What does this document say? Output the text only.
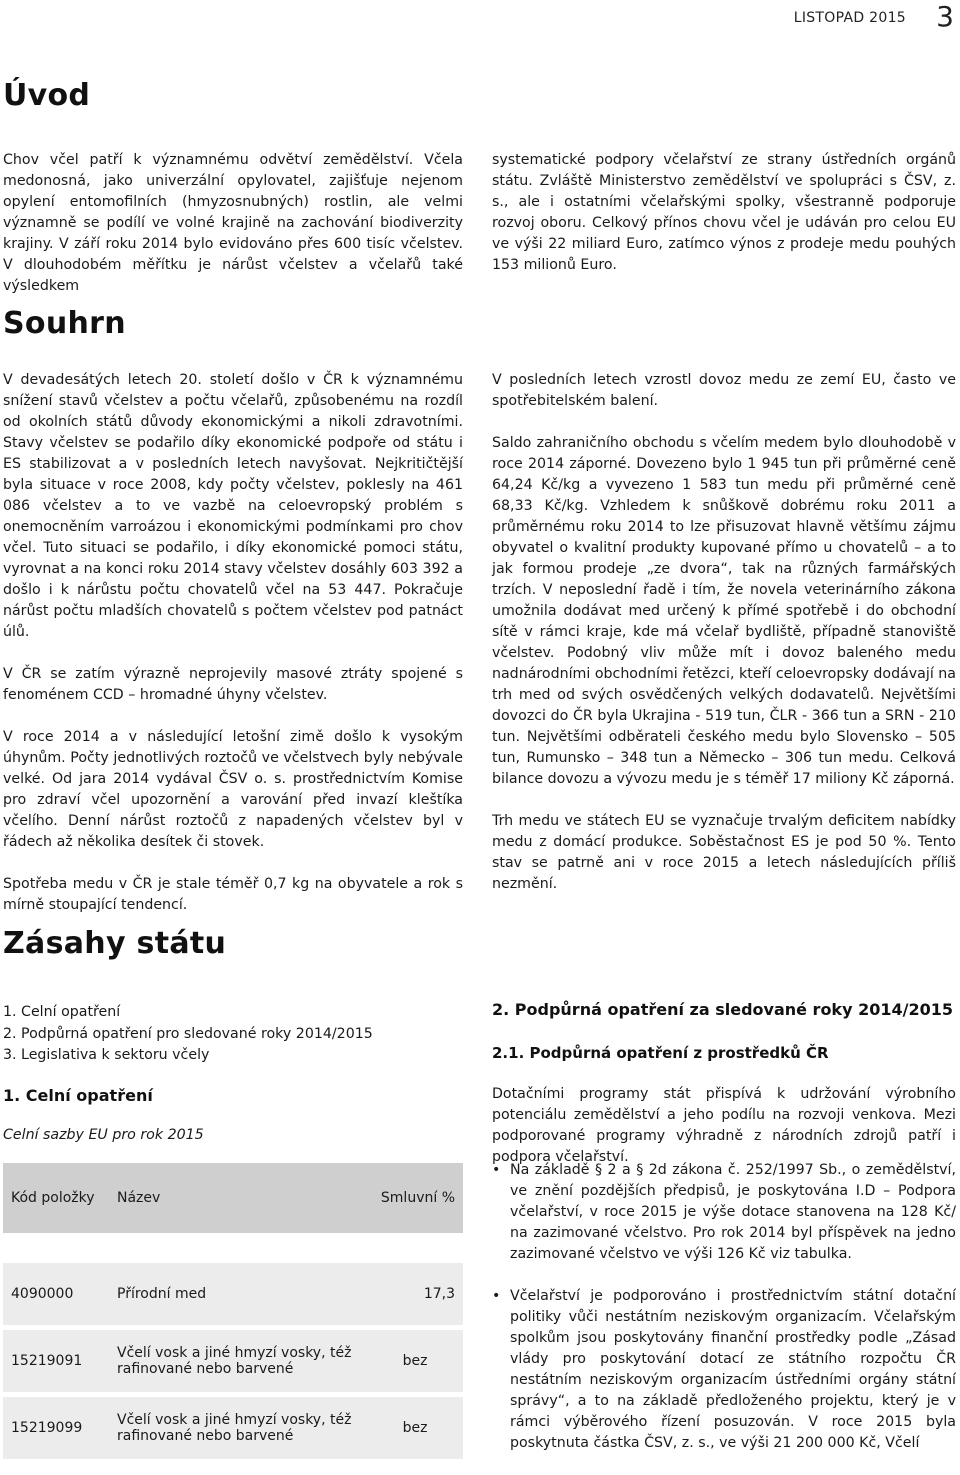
LISTOPAD 2015 3
Úvod

Chov včel patří k významnému odvětví zemědělství. Včela medonosná, jako univerzální opylovatel, zajišťuje nejenom opylení entomofilních (hmyzosnubných) rostlin, ale velmi významně se podílí ve volné krajině na zachování biodiverzity krajiny. V září roku 2014 bylo evidováno přes 600 tisíc včelstev. V dlouhodobém měřítku je nárůst včelstev a včelařů také výsledkem

systematické podpory včelařství ze strany ústředních orgánů státu. Zvláště Ministerstvo zemědělství ve spolupráci s ČSV, z. s., ale i ostatními včelařskými spolky, všestranně podporuje rozvoj oboru. Celkový přínos chovu včel je udáván pro celou EU ve výši 22 miliard Euro, zatímco výnos z prodeje medu pouhých 153 milionů Euro.

Souhrn

V devadesátých letech 20. století došlo v ČR k významnému snížení stavů včelstev a počtu včelařů, způsobenému na rozdíl od okolních států důvody ekonomickými a nikoli zdravotními. Stavy včelstev se podařilo díky ekonomické podpoře od státu i ES stabilizovat a v posledních letech navyšovat. Nejkritičtější byla situace v roce 2008, kdy počty včelstev, poklesly na 461 086 včelstev a to ve vazbě na celoevropský problém s onemocněním varroázou i ekonomickými podmínkami pro chov včel. Tuto situaci se podařilo, i díky ekonomické pomoci státu, vyrovnat a na konci roku 2014 stavy včelstev dosáhly 603 392 a došlo i k nárůstu počtu chovatelů včel na 53 447. Pokračuje nárůst počtu mladších chovatelů s počtem včelstev pod patnáct úlů.

V ČR se zatím výrazně neprojevily masové ztráty spojené s fenoménem CCD – hromadné úhyny včelstev.

V roce 2014 a v následující letošní zimě došlo k vysokým úhynům. Počty jednotlivých roztočů ve včelstvech byly nebývale velké. Od jara 2014 vydával ČSV o. s. prostřednictvím Komise pro zdraví včel upozornění a varování před invazí kleštíka včelího. Denní nárůst roztočů z napadených včelstev byl v řádech až několika desítek či stovek.

Spotřeba medu v ČR je stale téměř 0,7 kg na obyvatele a rok s mírně stoupající tendencí.

V posledních letech vzrostl dovoz medu ze zemí EU, často ve spotřebitelském balení.

Saldo zahraničního obchodu s včelím medem bylo dlouhodobě v roce 2014 záporné. Dovezeno bylo 1 945 tun při průměrné ceně 64,24 Kč/kg a vyvezeno 1 583 tun medu při průměrné ceně 68,33 Kč/kg. Vzhledem k snůškově dobrému roku 2011 a průměrnému roku 2014 to lze přisuzovat hlavně většímu zájmu obyvatel o kvalitní produkty kupované přímo u chovatelů – a to jak formou prodeje „ze dvora“, tak na různých farmářských trzích. V neposlední řadě i tím, že novela veterinárního zákona umožnila dodávat med určený k přímé spotřebě i do obchodní sítě v rámci kraje, kde má včelař bydliště, případně stanoviště včelstev. Podobný vliv může mít i dovoz baleného medu nadnárodními obchodními řetězci, kteří celoevropsky dodávají na trh med od svých osvědčených velkých dodavatelů. Největšími dovozci do ČR byla Ukrajina - 519 tun, ČLR - 366 tun a SRN - 210 tun. Největšími odběrateli českého medu bylo Slovensko – 505 tun, Rumunsko – 348 tun a Německo – 306 tun medu. Celková bilance dovozu a vývozu medu je s téměř 17 miliony Kč záporná.

Trh medu ve státech EU se vyznačuje trvalým deficitem nabídky medu z domácí produkce. Soběstačnost ES je pod 50 %. Tento stav se patrně ani v roce 2015 a letech následujících příliš nezmění.

Zásahy státu
1. Celní opatření
2. Podpůrná opatření pro sledované roky 2014/2015
3. Legislativa k sektoru včely
1. Celní opatření
Celní sazby EU pro rok 2015
Kód položky	Název	Smluvní %

4090000	Přírodní med	17,3
15219091	Včelí vosk a jiné hmyzí vosky, též rafinované nebo barvené	bez
15219099	Včelí vosk a jiné hmyzí vosky, též rafinované nebo barvené	bez
2. Podpůrná opatření za sledované roky 2014/2015
2.1. Podpůrná opatření z prostředků ČR

Dotačními programy stát přispívá k udržování výrobního potenciálu zemědělství a jeho podílu na rozvoji venkova. Mezi podporované programy výhradně z národních zdrojů patří i podpora včelařství.

• Na základě § 2 a § 2d zákona č. 252/1997 Sb., o zemědělství, ve znění pozdějších předpisů, je poskytována I.D – Podpora včelařství, v roce 2015 je výše dotace stanovena na 128 Kč/ na zazimované včelstvo. Pro rok 2014 byl příspěvek na jedno zazimované včelstvo ve výši 126 Kč viz tabulka.
• Včelařství je podporováno i prostřednictvím státní dotační politiky vůči nestátním neziskovým organizacím. Včelařským spolkům jsou poskytovány finanční prostředky podle „Zásad vlády pro poskytování dotací ze státního rozpočtu ČR nestátním neziskovým organizacím ústředními orgány státní správy“, a to na základě předloženého projektu, který je v rámci výběrového řízení posuzován. V roce 2015 byla poskytnuta částka ČSV, z. s., ve výši 21 200 000 Kč, Včelí
